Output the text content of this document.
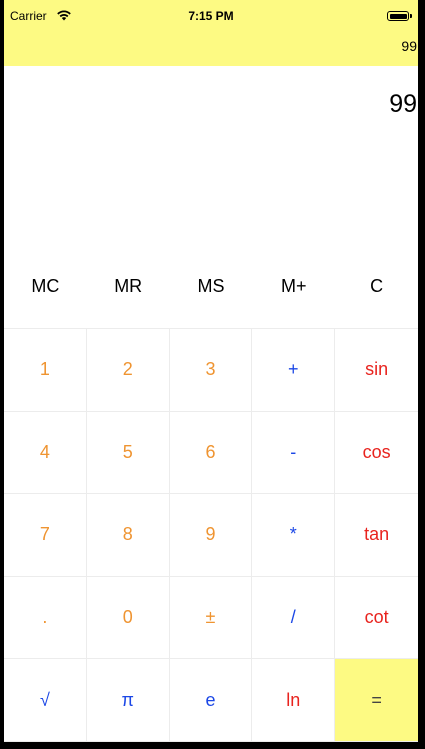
Carrier	7:15 PM
99
99
MC	MR	MS	M+	C
1	2	3	+	sin
4	5	6	-	cos
7	8	9	*	tan
.	0	±	/	cot
√	π	e	ln	=
